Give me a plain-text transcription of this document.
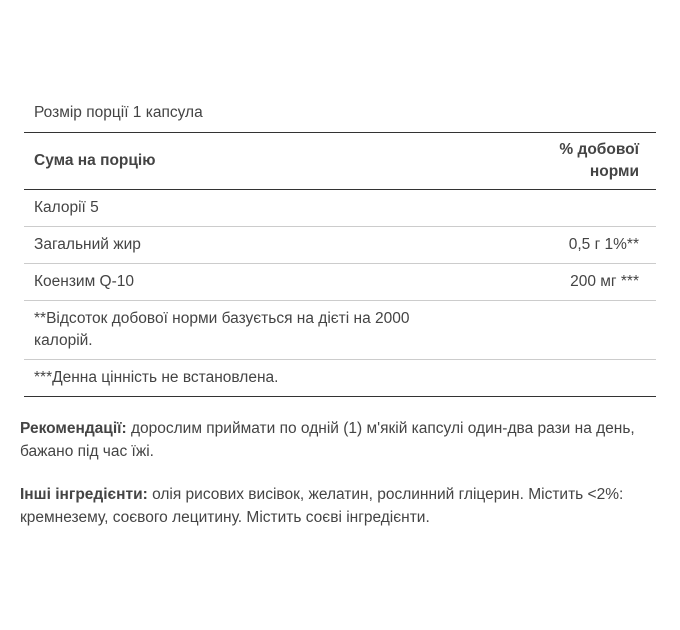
Розмір порції 1 капсула	
Сума на порцію	% добової норми
Калорії 5	
Загальний жир	0,5 г 1%**
Коензим Q-10	200 мг ***

**Відсоток добової норми базується на дієті на 2000 калорій.	

***Денна цінність не встановлена.	

Рекомендації: дорослим приймати по одній (1) м'якій капсулі один-два рази на день, бажано під час їжі.

Інші інгредієнти: олія рисових висівок, желатин, рослинний гліцерин. Містить <2%: кремнезему, соєвого лецитину. Містить соєві інгредієнти.
